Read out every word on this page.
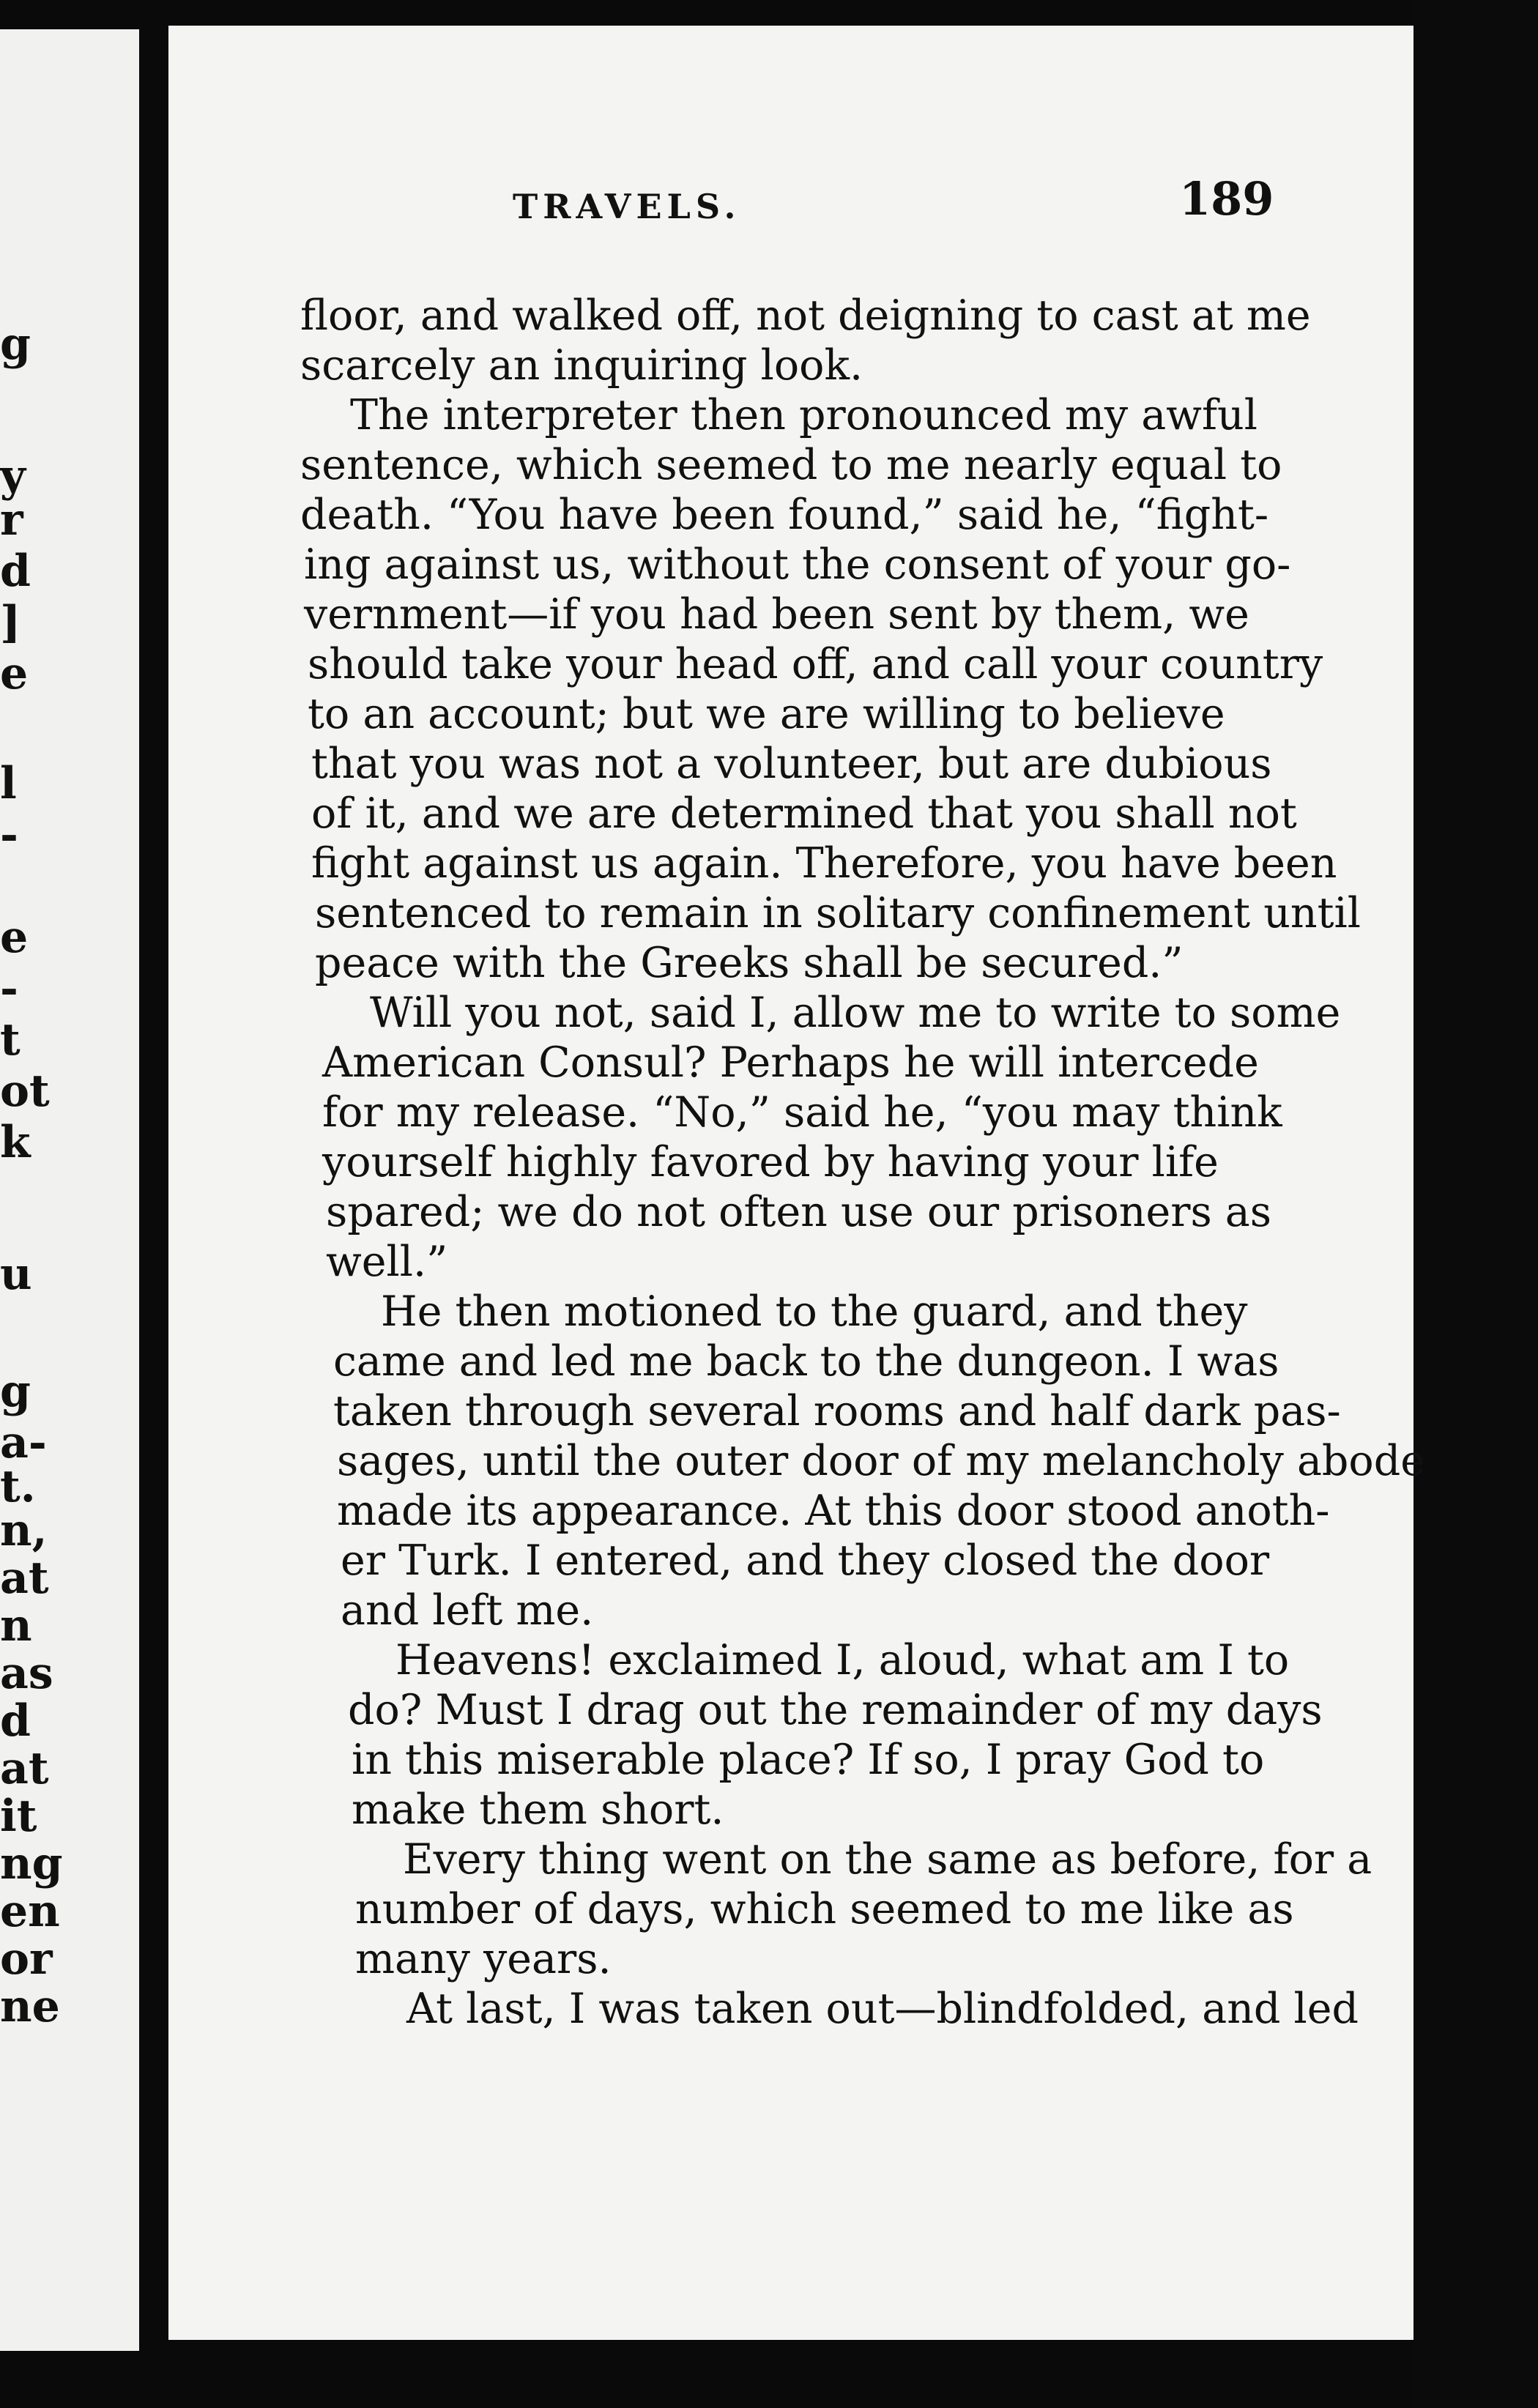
g
y
r
d
]
e
l
-
e
-
t
ot
k
u
g
a-
t.
n,
at
n
as
d
at
it
ng
en
or
ne
TRAVELS.	189
floor, and walked off, not deigning to cast at me
scarcely an inquiring look.
The interpreter then pronounced my awful
sentence, which seemed to me nearly equal to
death. “You have been found,” said he, “fight-
ing against us, without the consent of your go-
vernment—if you had been sent by them, we
should take your head off, and call your country
to an account; but we are willing to believe
that you was not a volunteer, but are dubious
of it, and we are determined that you shall not
fight against us again. Therefore, you have been
sentenced to remain in solitary confinement until
peace with the Greeks shall be secured.”
Will you not, said I, allow me to write to some
American Consul? Perhaps he will intercede
for my release. “No,” said he, “you may think
yourself highly favored by having your life
spared; we do not often use our prisoners as
well.”
He then motioned to the guard, and they
came and led me back to the dungeon. I was
taken through several rooms and half dark pas-
sages, until the outer door of my melancholy abode
made its appearance. At this door stood anoth-
er Turk. I entered, and they closed the door
and left me.
Heavens! exclaimed I, aloud, what am I to
do? Must I drag out the remainder of my days
in this miserable place? If so, I pray God to
make them short.
Every thing went on the same as before, for a
number of days, which seemed to me like as
many years.
At last, I was taken out—blindfolded, and led
